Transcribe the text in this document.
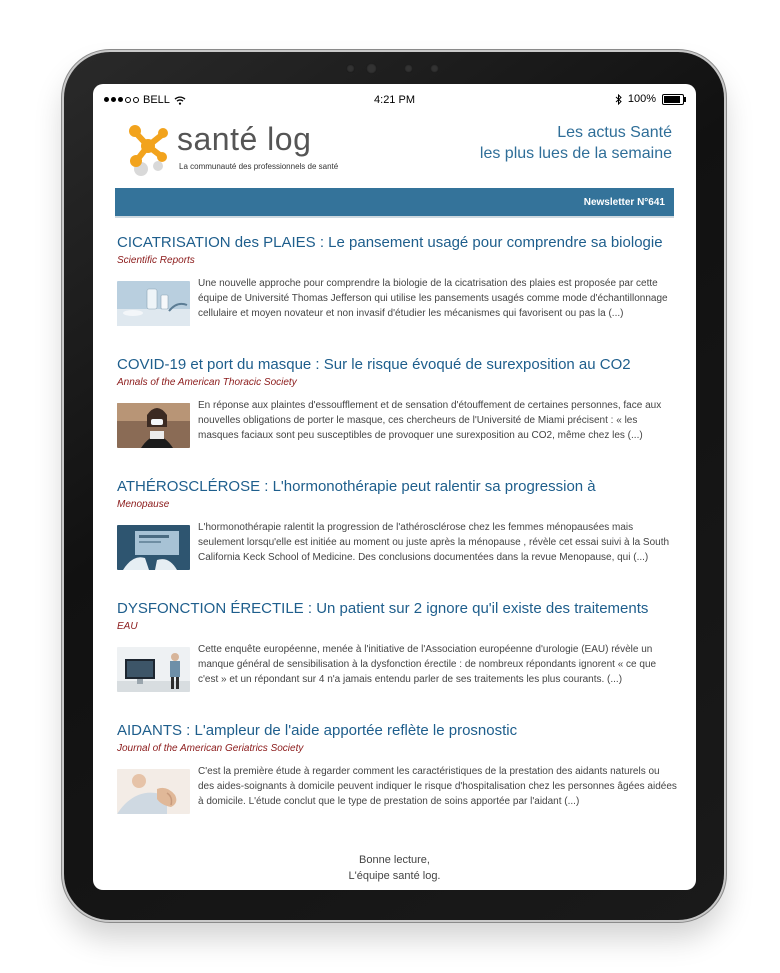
BELL	4:21 PM	100%
santé log
La communauté des professionnels de santé
Les actus Santé
les plus lues de la semaine
Newsletter N°641
CICATRISATION des PLAIES : Le pansement usagé pour comprendre sa biologie
Scientific Reports
Une nouvelle approche pour comprendre la biologie de la cicatrisation des plaies est proposée par cette équipe de Université Thomas Jefferson qui utilise les pansements usagés comme mode d'échantillonnage cellulaire et moyen novateur et non invasif d'étudier les mécanismes qui favorisent ou pas la (...)
COVID-19 et port du masque : Sur le risque évoqué de surexposition au CO2
Annals of the American Thoracic Society
En réponse aux plaintes d'essoufflement et de sensation d'étouffement de certaines personnes, face aux nouvelles obligations de porter le masque, ces chercheurs de l'Université de Miami précisent : « les masques faciaux sont peu susceptibles de provoquer une surexposition au CO2, même chez les (...)
ATHÉROSCLÉROSE : L'hormonothérapie peut ralentir sa progression à
Menopause
L'hormonothérapie ralentit la progression de l'athérosclérose chez les femmes ménopausées mais seulement lorsqu'elle est initiée au moment ou juste après la ménopause , révèle cet essai suivi à la South California Keck School of Medicine. Des conclusions documentées dans la revue Menopause, qui (...)
DYSFONCTION ÉRECTILE : Un patient sur 2 ignore qu'il existe des traitements
EAU
Cette enquête européenne, menée à l'initiative de l'Association européenne d'urologie (EAU) révèle un manque général de sensibilisation à la dysfonction érectile : de nombreux répondants ignorent « ce que c'est » et un répondant sur 4 n'a jamais entendu parler de ses traitements les plus courants. (...)
AIDANTS : L'ampleur de l'aide apportée reflète le prosnostic
Journal of the American Geriatrics Society
C'est la première étude à regarder comment les caractéristiques de la prestation des aidants naturels ou des aides-soignants à domicile peuvent indiquer le risque d'hospitalisation chez les personnes âgées aidées à domicile. L'étude conclut que le type de prestation de soins apportée par l'aidant (...)
Bonne lecture,
L'équipe santé log.
